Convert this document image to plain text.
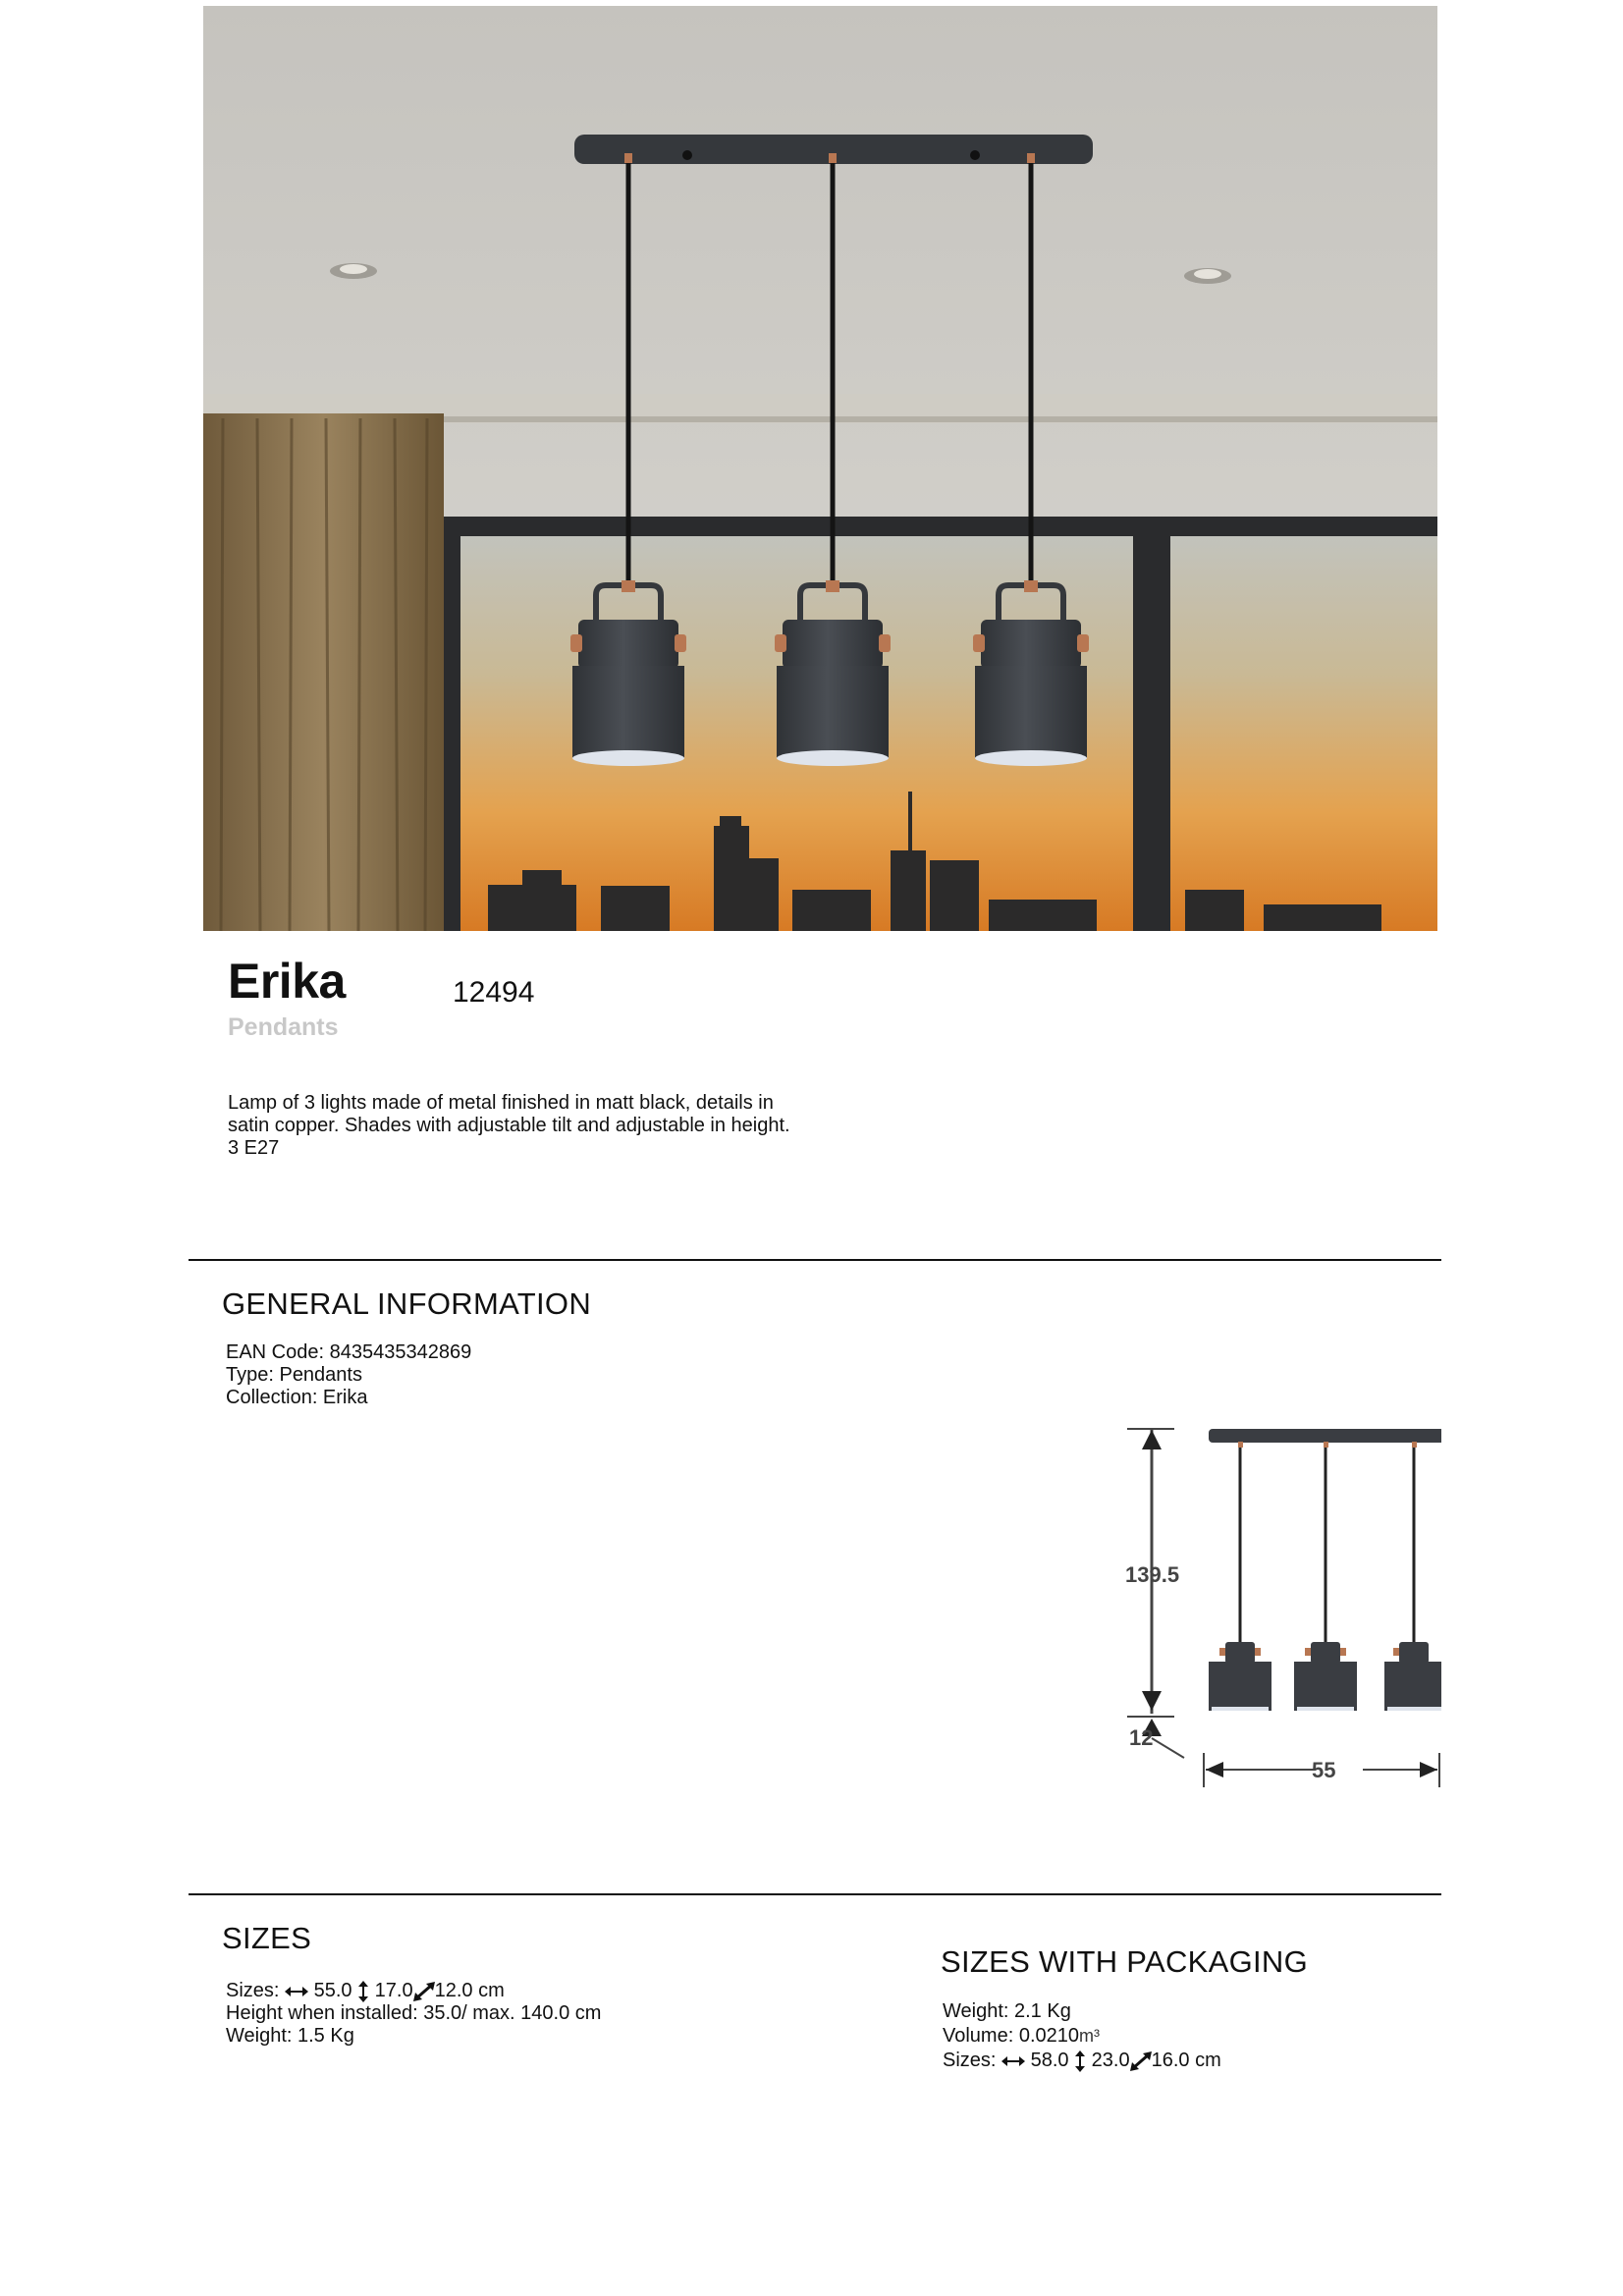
Erika	12494
Pendants
Lamp of 3 lights made of metal finished in matt black, details in satin copper. Shades with adjustable tilt and adjustable in height. 3 E27
GENERAL INFORMATION
EAN Code: 8435435342869
Type: Pendants
Collection: Erika
139.5
12
55
SIZES
Sizes: 55.0 17.0 12.0 cm
Height when installed: 35.0/ max. 140.0 cm
Weight: 1.5 Kg
SIZES WITH PACKAGING
Weight: 2.1 Kg
Volume: 0.0210m³
Sizes: 58.0 23.0 16.0 cm
